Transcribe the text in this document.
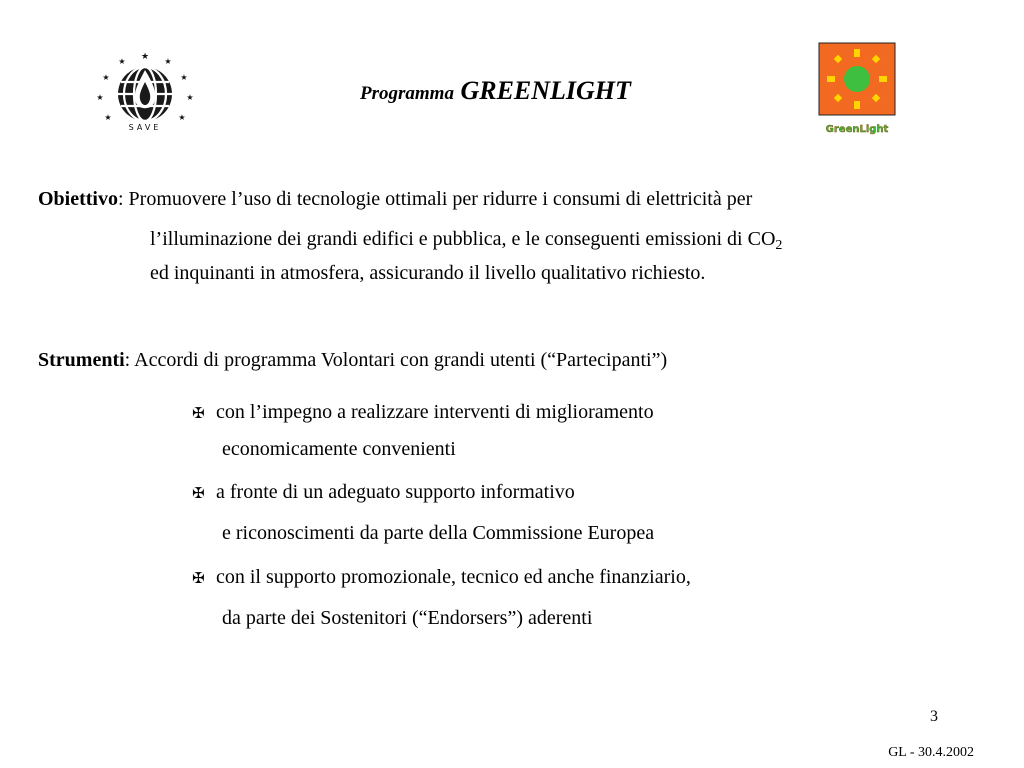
★
★	★
★	★
★	★
★	★
SAVE
Programma GREENLIGHT
GreenLight
Obiettivo: Promuovere l’uso di tecnologie ottimali per ridurre i consumi di elettricità per
l’illuminazione dei grandi edifici e pubblica, e le conseguenti emissioni di $CO_2$
ed inquinanti in atmosfera, assicurando il livello qualitativo richiesto.
Strumenti: Accordi di programma Volontari con grandi utenti (“Partecipanti”)
✠ con l’impegno a realizzare interventi di miglioramento
economicamente convenienti
✠ a fronte di un adeguato supporto informativo
e riconoscimenti da parte della Commissione Europea
✠ con il supporto promozionale, tecnico ed anche finanziario,
da parte dei Sostenitori (“Endorsers”) aderenti
3
GL - 30.4.2002
